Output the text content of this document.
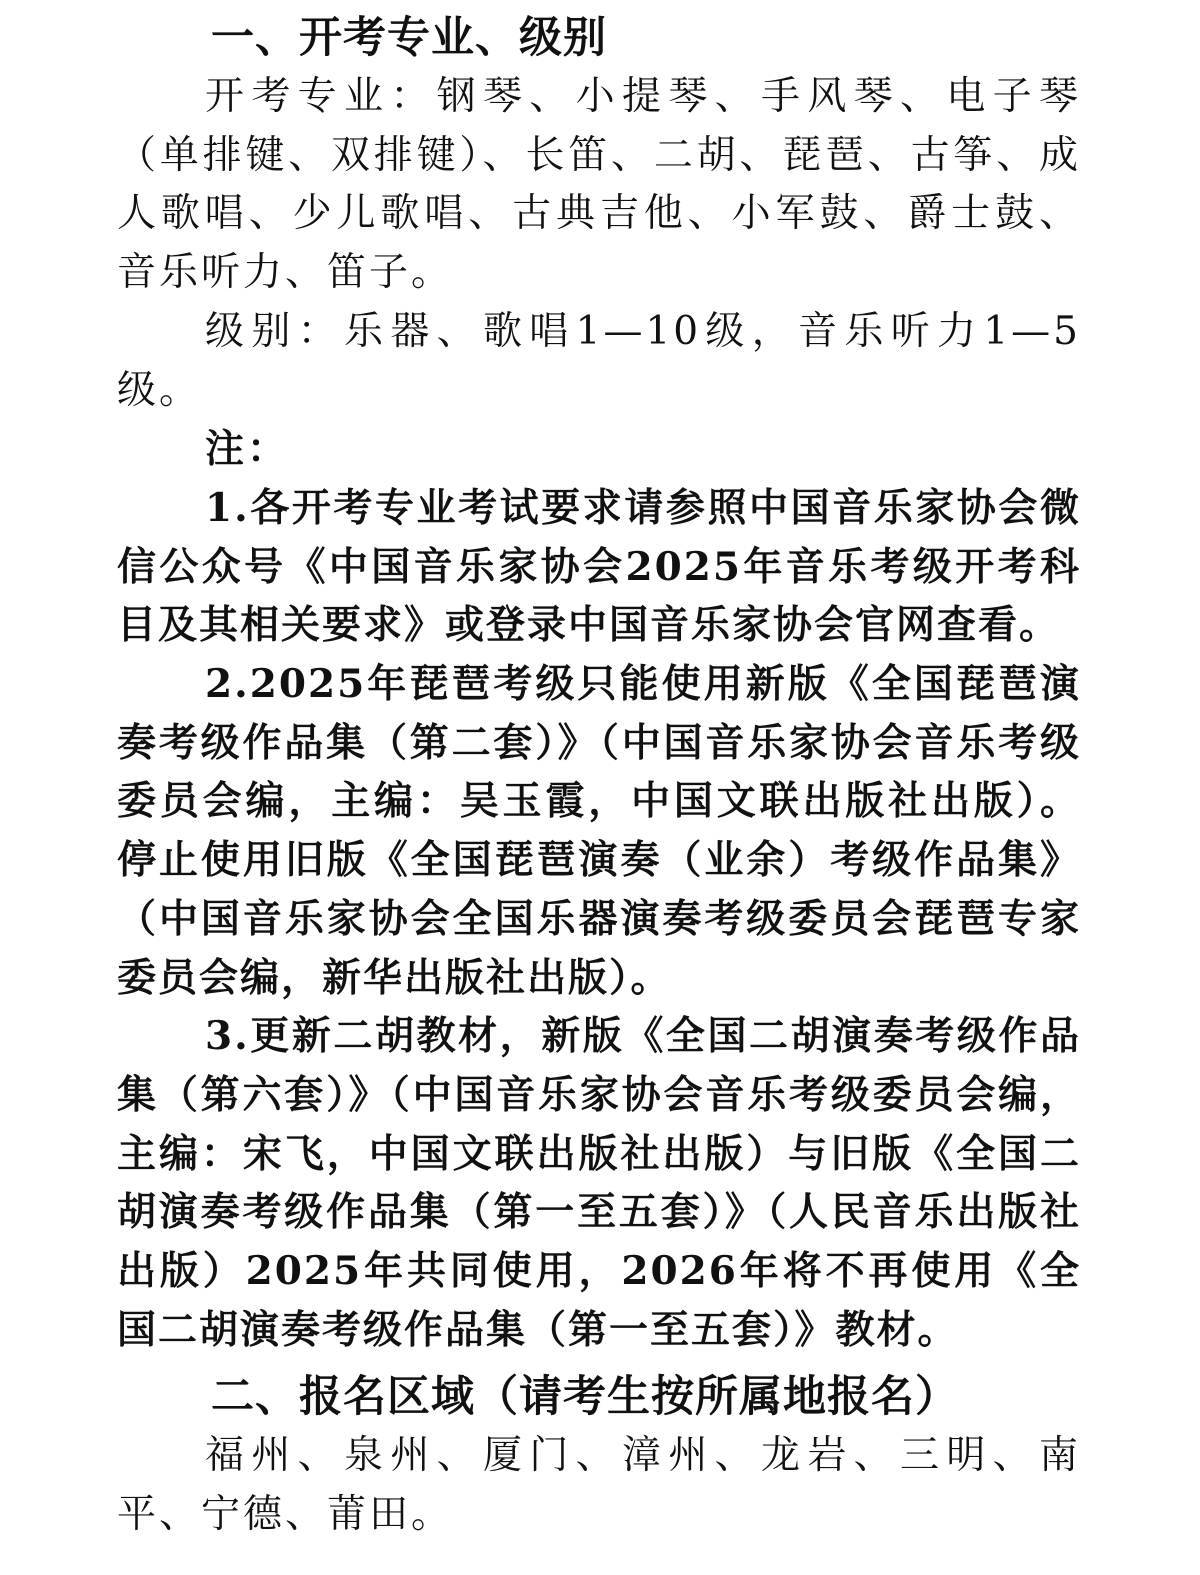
一、开考专业、级别

开考专业：钢琴、小提琴、手风琴、电子琴（单排键、双排键）、长笛、二胡、琵琶、古筝、成人歌唱、少儿歌唱、古典吉他、小军鼓、爵士鼓、音乐听力、笛子。

级别：乐器、歌唱1—10级，音乐听力1—5级。

注：

1.各开考专业考试要求请参照中国音乐家协会微信公众号《中国音乐家协会2025年音乐考级开考科目及其相关要求》或登录中国音乐家协会官网查看。

2.2025年琵琶考级只能使用新版《全国琵琶演奏考级作品集（第二套）》（中国音乐家协会音乐考级委员会编，主编：吴玉霞，中国文联出版社出版）。停止使用旧版《全国琵琶演奏（业余）考级作品集》（中国音乐家协会全国乐器演奏考级委员会琵琶专家委员会编，新华出版社出版）。

3.更新二胡教材，新版《全国二胡演奏考级作品集（第六套）》（中国音乐家协会音乐考级委员会编，主编：宋飞，中国文联出版社出版）与旧版《全国二胡演奏考级作品集（第一至五套）》（人民音乐出版社出版）2025年共同使用，2026年将不再使用《全国二胡演奏考级作品集（第一至五套）》教材。

二、报名区域（请考生按所属地报名）

福州、泉州、厦门、漳州、龙岩、三明、南平、宁德、莆田。
